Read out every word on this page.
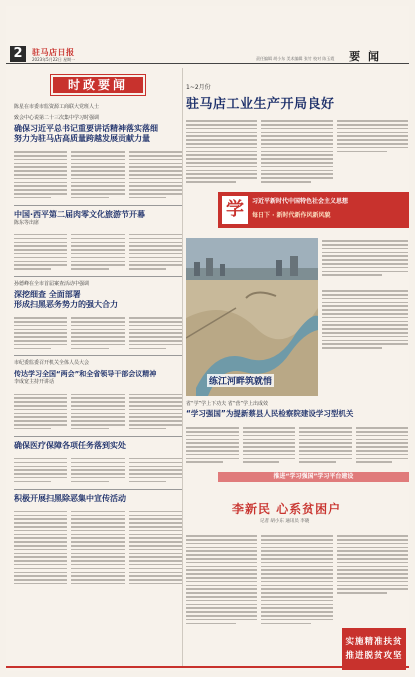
2	驻马店日报
2023年5月22日 星期一	责任编辑 胡小东 美术编辑 张竹 校对 陈玉霞 要 闻
时政要闻
陈星在市委市监资源工商联大党班人士
致会中心说第二十三次集中学习时强调
确保习近平总书记重要讲话精神落实落细
努力为驻马店高质量跨越发展贡献力量
中国·西平第二届肉零文化旅游节开幕
陈东等出席
孙德峰在全市首届案查活动中强调
深挖细查 全面部署
形成扫黑恶务势力的强大合力
市纪委监委召开机关全体人员大会
传达学习全国“两会”和全省领导干部会议精神
李成宽主持开讲话
确保医疗保障各项任务落到实处
积极开展扫黑除恶集中宣传活动
1~2月份
驻马店工业生产开局良好
学	习近平新时代中国特色社会主义思想
每日下 · 新时代新作风新风貌
练江河畔筑就悄
省“学”学上下功夫 省“营”学上出成效
“学习强国”为提新蔡县人民检察院建设学习型机关
推进“学习强国”学习平台建设
李新民 心系贫困户
记者 胡小东 通讯员 李晓
实施精准扶贫
推进脱贫攻坚
